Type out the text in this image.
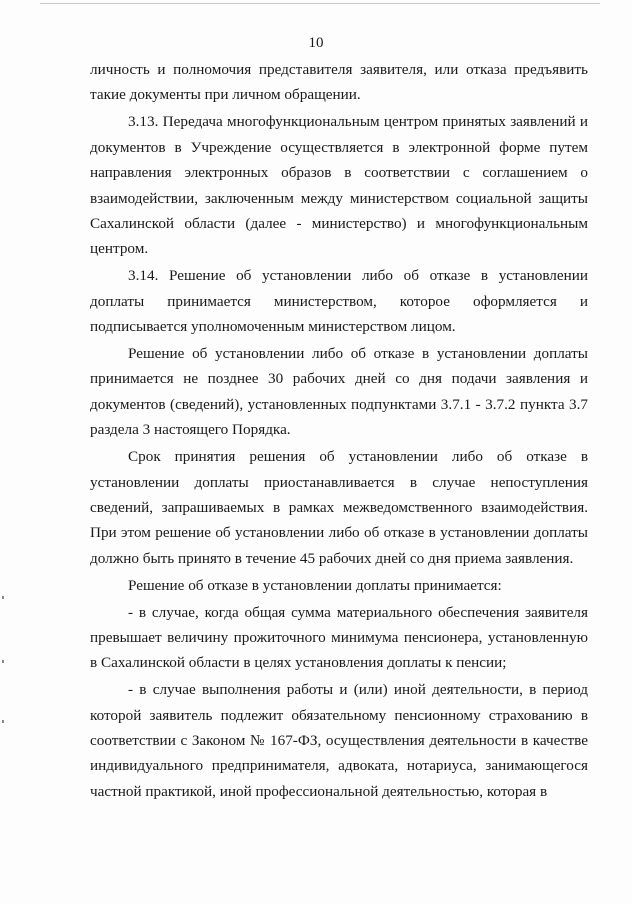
10

личность и полномочия представителя заявителя, или отказа предъявить такие документы при личном обращении.

3.13. Передача многофункциональным центром принятых заявлений и документов в Учреждение осуществляется в электронной форме путем направления электронных образов в соответствии с соглашением о взаимодействии, заключенным между министерством социальной защиты Сахалинской области (далее - министерство) и многофункциональным центром.

3.14. Решение об установлении либо об отказе в установлении доплаты принимается министерством, которое оформляется и подписывается уполномоченным министерством лицом.

Решение об установлении либо об отказе в установлении доплаты принимается не позднее 30 рабочих дней со дня подачи заявления и документов (сведений), установленных подпунктами 3.7.1 - 3.7.2 пункта 3.7 раздела 3 настоящего Порядка.

Срок принятия решения об установлении либо об отказе в установлении доплаты приостанавливается в случае непоступления сведений, запрашиваемых в рамках межведомственного взаимодействия. При этом решение об установлении либо об отказе в установлении доплаты должно быть принято в течение 45 рабочих дней со дня приема заявления.

Решение об отказе в установлении доплаты принимается:

- в случае, когда общая сумма материального обеспечения заявителя превышает величину прожиточного минимума пенсионера, установленную в Сахалинской области в целях установления доплаты к пенсии;

- в случае выполнения работы и (или) иной деятельности, в период которой заявитель подлежит обязательному пенсионному страхованию в соответствии с Законом № 167-ФЗ, осуществления деятельности в качестве индивидуального предпринимателя, адвоката, нотариуса, занимающегося частной практикой, иной профессиональной деятельностью, которая в
